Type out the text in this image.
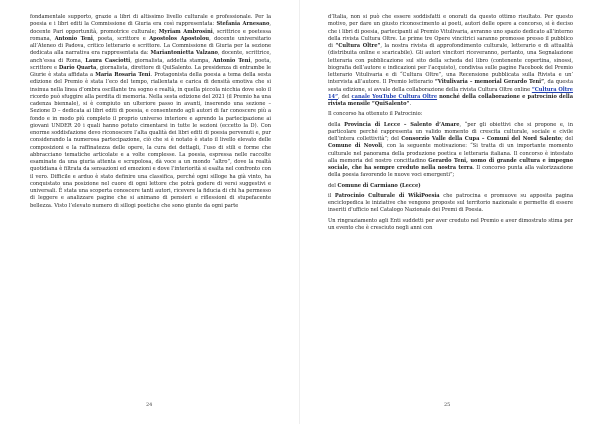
fondamentale supporto, grazie a libri di altissimo livello culturale e professionale. Per la poesia e i libri editi la Commissione di Giuria era così rappresentata: Stefania Arnesano, docente Pari opportunità, promotrice culturale; Myriam Ambrosini, scrittrice e poetessa romana, Antonio Teni, poeta, scrittore e Apostolos Apostolou, docente universitario all’Ateneo di Padova, critico letterario e scrittore. La Commissione di Giuria per la sezione dedicata alla narrativa era rappresentata da: Mariantonietta Valzano, docente, scrittrice, anch’essa di Roma, Laura Casciotti, giornalista, addetta stampa, Antonio Teni, poeta, scrittore e Dario Quarta, giornalista, direttore di QuiSalento. La presidenza di entrambe le Giurie è stata affidata a Maria Rosaria Teni. Protagonista della poesia a tema della sesta edizione del Premio è stata l’eco del tempo, riallentata e carica di densità emotiva che si insinua nella linea d’ombra oscillante tra sogno e realtà, in quella piccola nicchia dove solo il ricordo può sfuggire alla perdita di memoria. Nella sesta edizione del 2021 (il Premio ha una cadenza biennale), si è compiuto un ulteriore passo in avanti, inserendo una sezione – Sezione D – dedicata ai libri editi di poesia, e consentendo agli autori di far conoscere più a fondo e in modo più completo il proprio universo interiore e aprendo la partecipazione ai giovani UNDER 20 i quali hanno potuto cimentarsi in tutte le sezioni (eccetto la D). Con enorme soddisfazione devo riconoscere l’alta qualità dei libri editi di poesia pervenuti e, pur considerando la numerosa partecipazione, ciò che si è notato è stato il livello elevato delle composizioni e la raffinatezza delle opere, la cura dei dettagli, l’uso di stili e forme che abbracciano tematiche articolate e a volte complesse. La poesia, espressa nelle raccolte esaminate da una giuria attenta e scrupolosa, dà voce a un mondo “altro”, dove la realtà quotidiana è filtrata da sensazioni ed emozioni e dove l’interiorità si esalta nel confronto con il vero. Difficile e arduo è stato definire una classifica, perché ogni silloge ha già vinto, ha conquistato una posizione nel cuore di ogni lettore che potrà godere di versi suggestivi e universali. È stata una scoperta conoscere tanti autori, ricevere la fiducia di chi ha permesso di leggere e analizzare pagine che si animano di pensieri e riflessioni di stupefacente bellezza. Visto l’elevato numero di sillogi poetiche che sono giunte da ogni parte

24

d’Italia, non si può che essere soddisfatti e onorati da questo ottimo risultato. Per questo motivo, per dare un giusto riconoscimento ai poeti, autori delle opere a concorso, si è deciso che i libri di poesia, partecipanti al Premio Vitulivaria, avranno uno spazio dedicato all’interno della rivista Cultura Oltre. Le prime tre Opere vincitrici saranno promosse presso il pubblico di “Cultura Oltre”, la nostra rivista di approfondimento culturale, letterario e di attualità (distribuita online e scaricabile). Gli autori vincitori riceveranno, pertanto, una Segnalazione letteraria con pubblicazione sul sito della scheda del libro (contenente copertina, sinossi, biografia dell’autore e indicazioni per l’acquisto), condivisa sulle pagine Facebook del Premio letterario Vitulivaria e di “Cultura Oltre”, una Recensione pubblicata sulla Rivista e un’ intervista all’autore. Il Premio letterario “Vitulivaria – memorial Gerardo Teni”, da questa sesta edizione, si avvale della collaborazione della rivista Cultura Oltre online “Cultura Oltre 14”, del canale YouTube Cultura Oltre nonché della collaborazione e patrocinio della rivista mensile “QuiSalento”.

Il concorso ha ottenuto il Patrocinio:

della Provincia di Lecce – Salento d’Amare, “per gli obiettivi che si propone e, in particolare perché rappresenta un valido momento di crescita culturale, sociale e civile dell’intera collettività”; del Consorzio Valle della Cupa – Comuni del Nord Salento; del Comune di Novoli, con la seguente motivazione: “Si tratta di un importante momento culturale nel panorama della produzione poetica e letteraria italiana. Il concorso è intestato alla memoria del nostro concittadino Gerardo Teni, uomo di grande cultura e impegno sociale, che ha sempre creduto nella nostra terra. Il concorso punta alla valorizzazione della poesia favorendo le nuove voci emergenti”;

del Comune di Carmiano (Lecce)

il Patrocinio Culturale di WikiPoesia che patrocina e promuove su apposita pagina enciclopedica le iniziative che vengono proposte sul territorio nazionale e permette di essere inseriti d’ufficio nel Catalogo Nazionale dei Premi di Poesia.

Un ringraziamento agli Enti suddetti per aver creduto nel Premio e aver dimostrato stima per un evento che è cresciuto negli anni con

25
